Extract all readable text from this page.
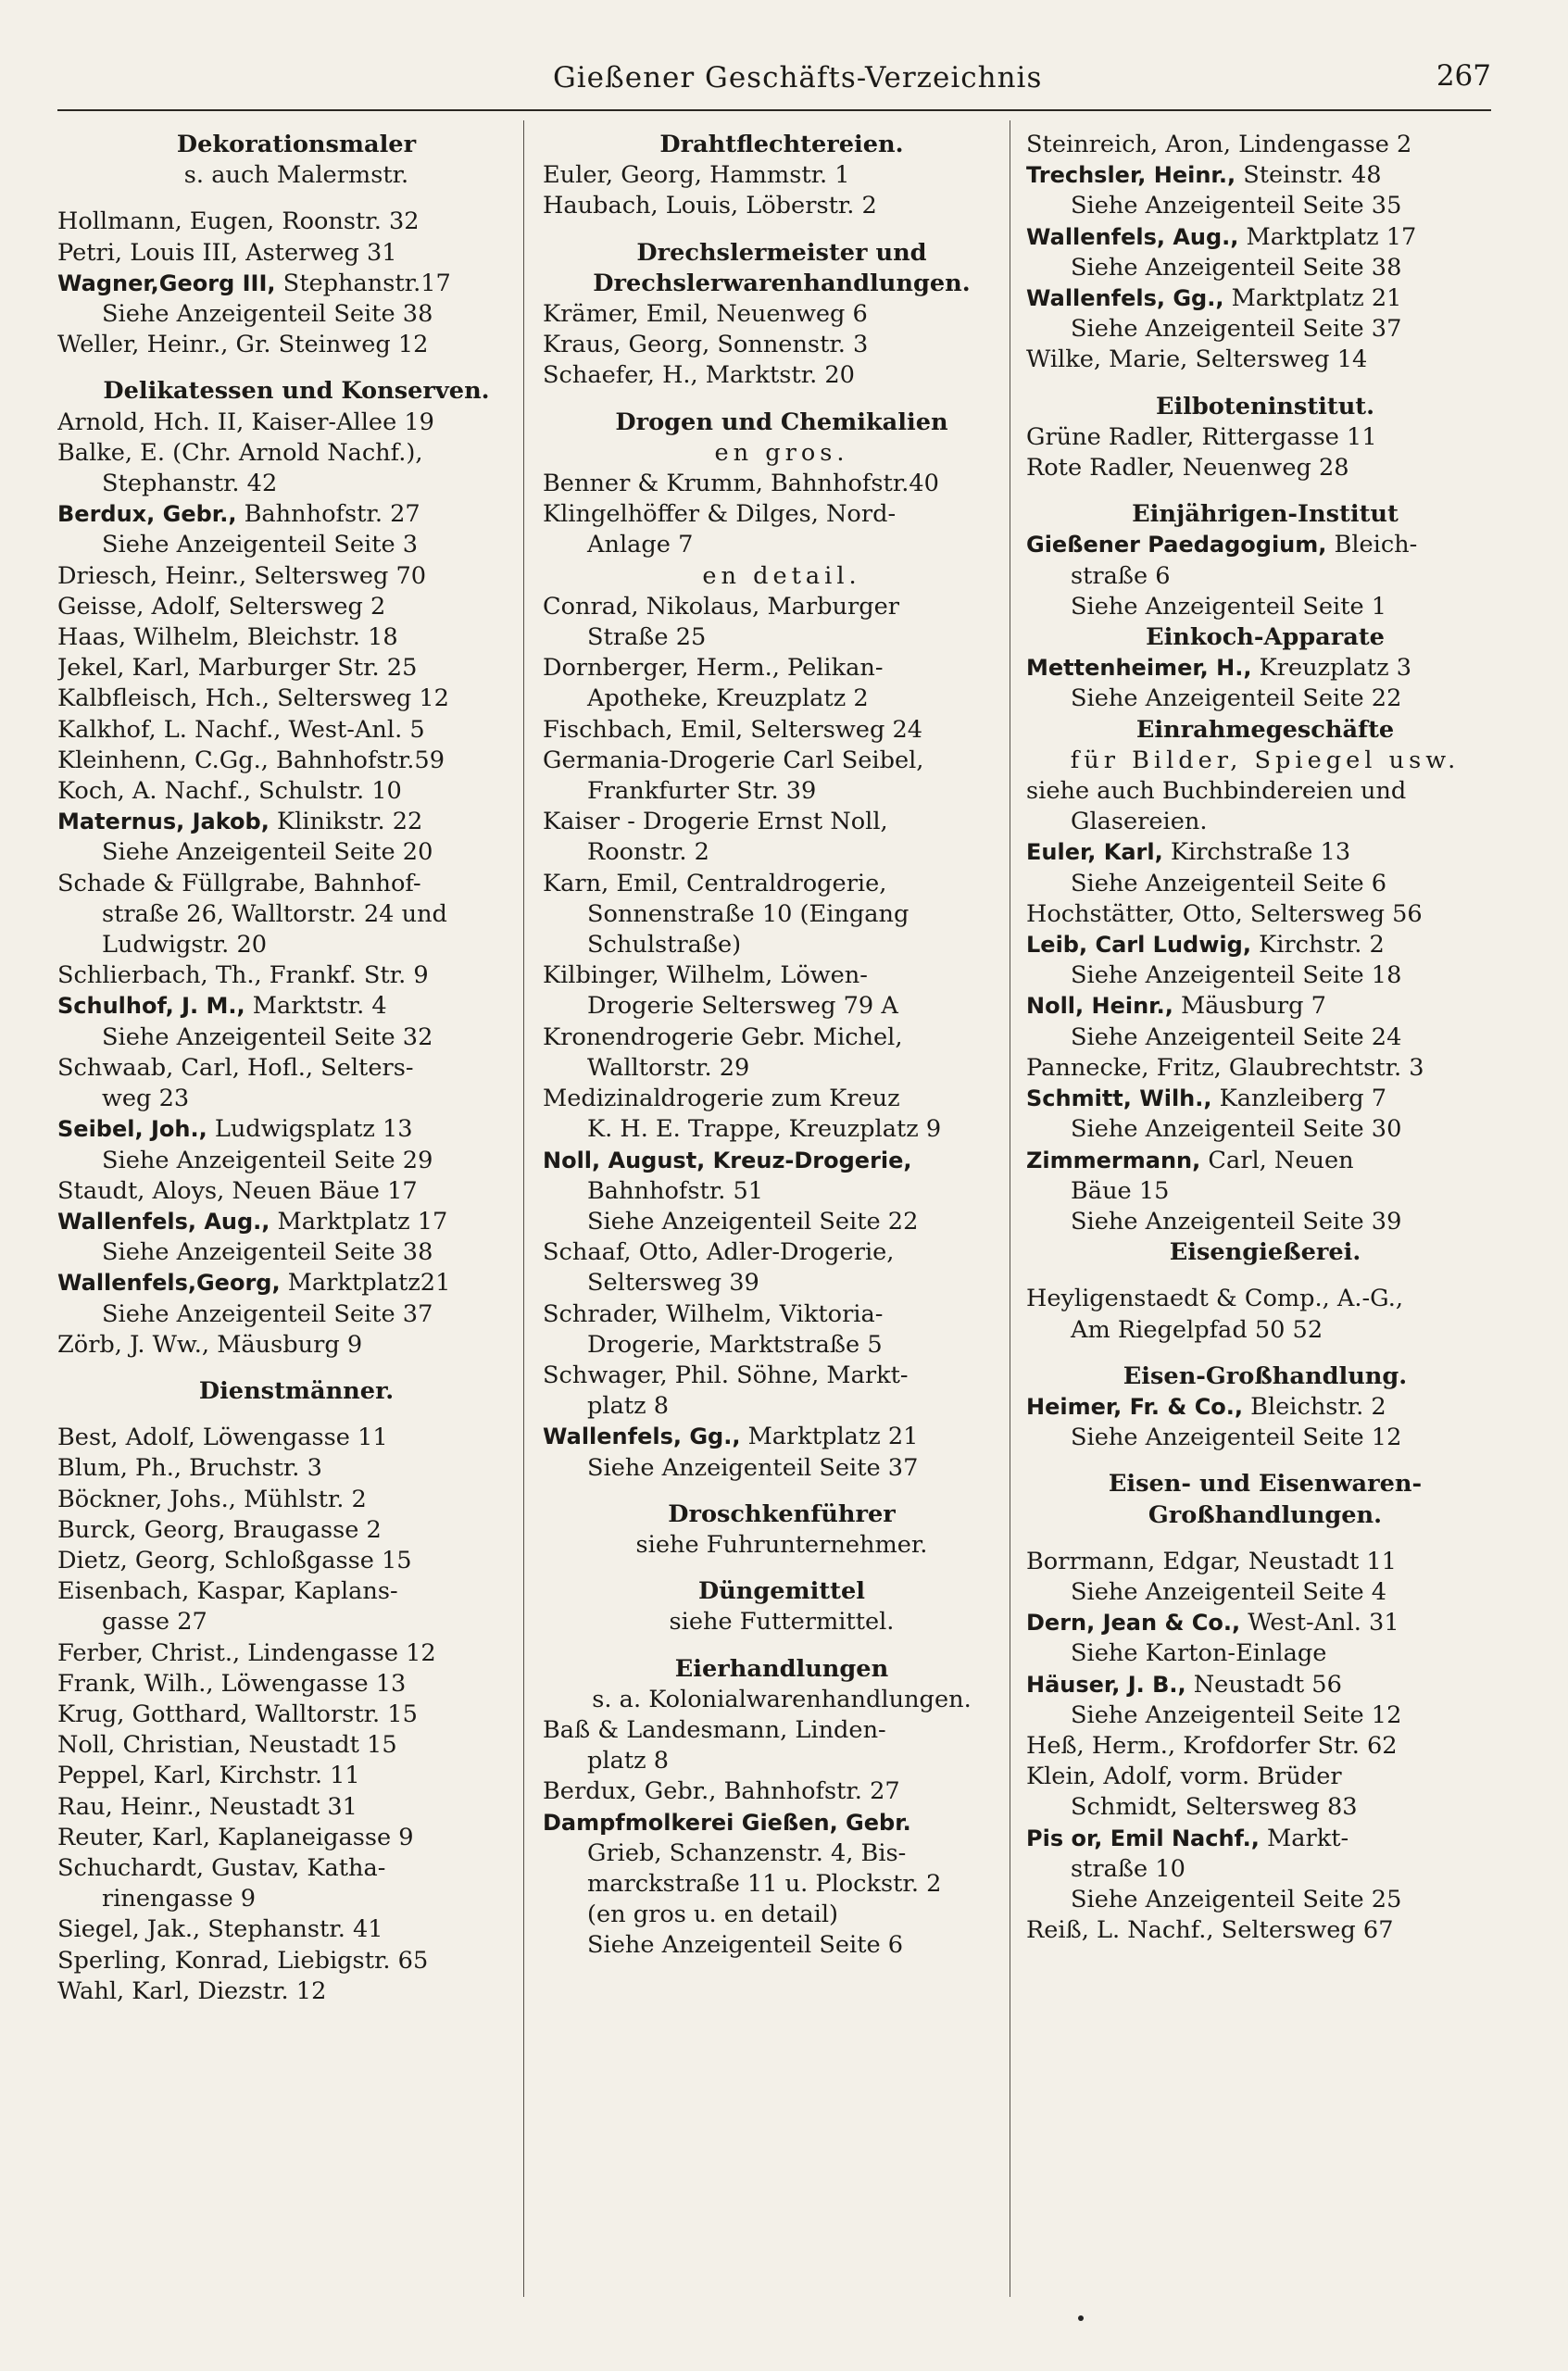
Gießener Geschäfts-Verzeichnis	267
Dekorationsmaler
s. auch Malermstr.
Hollmann, Eugen, Roonstr. 32
Petri, Louis III, Asterweg 31
Wagner,Georg III, Stephanstr.17
Siehe Anzeigenteil Seite 38
Weller, Heinr., Gr. Steinweg 12
Delikatessen und Konserven.
Arnold, Hch. II, Kaiser-Allee 19
Balke, E. (Chr. Arnold Nachf.),
Stephanstr. 42
Berdux, Gebr., Bahnhofstr. 27
Siehe Anzeigenteil Seite 3
Driesch, Heinr., Seltersweg 70
Geisse, Adolf, Seltersweg 2
Haas, Wilhelm, Bleichstr. 18
Jekel, Karl, Marburger Str. 25
Kalbfleisch, Hch., Seltersweg 12
Kalkhof, L. Nachf., West-Anl. 5
Kleinhenn, C.Gg., Bahnhofstr.59
Koch, A. Nachf., Schulstr. 10
Maternus, Jakob, Klinikstr. 22
Siehe Anzeigenteil Seite 20
Schade & Füllgrabe, Bahnhof-
straße 26, Walltorstr. 24 und
Ludwigstr. 20
Schlierbach, Th., Frankf. Str. 9
Schulhof, J. M., Marktstr. 4
Siehe Anzeigenteil Seite 32
Schwaab, Carl, Hofl., Selters-
weg 23
Seibel, Joh., Ludwigsplatz 13
Siehe Anzeigenteil Seite 29
Staudt, Aloys, Neuen Bäue 17
Wallenfels, Aug., Marktplatz 17
Siehe Anzeigenteil Seite 38
Wallenfels,Georg, Marktplatz21
Siehe Anzeigenteil Seite 37
Zörb, J. Ww., Mäusburg 9
Dienstmänner.
Best, Adolf, Löwengasse 11
Blum, Ph., Bruchstr. 3
Böckner, Johs., Mühlstr. 2
Burck, Georg, Braugasse 2
Dietz, Georg, Schloßgasse 15
Eisenbach, Kaspar, Kaplans-
gasse 27
Ferber, Christ., Lindengasse 12
Frank, Wilh., Löwengasse 13
Krug, Gotthard, Walltorstr. 15
Noll, Christian, Neustadt 15
Peppel, Karl, Kirchstr. 11
Rau, Heinr., Neustadt 31
Reuter, Karl, Kaplaneigasse 9
Schuchardt, Gustav, Katha-
rinengasse 9
Siegel, Jak., Stephanstr. 41
Sperling, Konrad, Liebigstr. 65
Wahl, Karl, Diezstr. 12
Drahtflechtereien.
Euler, Georg, Hammstr. 1
Haubach, Louis, Löberstr. 2
Drechslermeister und
Drechslerwarenhandlungen.
Krämer, Emil, Neuenweg 6
Kraus, Georg, Sonnenstr. 3
Schaefer, H., Marktstr. 20
Drogen und Chemikalien
en gros.
Benner & Krumm, Bahnhofstr.40
Klingelhöffer & Dilges, Nord-
Anlage 7
en detail.
Conrad, Nikolaus, Marburger
Straße 25
Dornberger, Herm., Pelikan-
Apotheke, Kreuzplatz 2
Fischbach, Emil, Seltersweg 24
Germania-Drogerie Carl Seibel,
Frankfurter Str. 39
Kaiser - Drogerie Ernst Noll,
Roonstr. 2
Karn, Emil, Centraldrogerie,
Sonnenstraße 10 (Eingang
Schulstraße)
Kilbinger, Wilhelm, Löwen-
Drogerie Seltersweg 79 A
Kronendrogerie Gebr. Michel,
Walltorstr. 29
Medizinaldrogerie zum Kreuz
K. H. E. Trappe, Kreuzplatz 9
Noll, August, Kreuz-Drogerie,
Bahnhofstr. 51
Siehe Anzeigenteil Seite 22
Schaaf, Otto, Adler-Drogerie,
Seltersweg 39
Schrader, Wilhelm, Viktoria-
Drogerie, Marktstraße 5
Schwager, Phil. Söhne, Markt-
platz 8
Wallenfels, Gg., Marktplatz 21
Siehe Anzeigenteil Seite 37
Droschkenführer
siehe Fuhrunternehmer.
Düngemittel
siehe Futtermittel.
Eierhandlungen
s. a. Kolonialwarenhandlungen.
Baß & Landesmann, Linden-
platz 8
Berdux, Gebr., Bahnhofstr. 27
Dampfmolkerei Gießen, Gebr.
Grieb, Schanzenstr. 4, Bis-
marckstraße 11 u. Plockstr. 2
(en gros u. en detail)
Siehe Anzeigenteil Seite 6
Steinreich, Aron, Lindengasse 2
Trechsler, Heinr., Steinstr. 48
Siehe Anzeigenteil Seite 35
Wallenfels, Aug., Marktplatz 17
Siehe Anzeigenteil Seite 38
Wallenfels, Gg., Marktplatz 21
Siehe Anzeigenteil Seite 37
Wilke, Marie, Seltersweg 14
Eilboteninstitut.
Grüne Radler, Rittergasse 11
Rote Radler, Neuenweg 28
Einjährigen-Institut
Gießener Paedagogium, Bleich-
straße 6
Siehe Anzeigenteil Seite 1
Einkoch-Apparate
Mettenheimer, H., Kreuzplatz 3
Siehe Anzeigenteil Seite 22
Einrahmegeschäfte
für Bilder, Spiegel usw.
siehe auch Buchbindereien und
Glasereien.
Euler, Karl, Kirchstraße 13
Siehe Anzeigenteil Seite 6
Hochstätter, Otto, Seltersweg 56
Leib, Carl Ludwig, Kirchstr. 2
Siehe Anzeigenteil Seite 18
Noll, Heinr., Mäusburg 7
Siehe Anzeigenteil Seite 24
Pannecke, Fritz, Glaubrechtstr. 3
Schmitt, Wilh., Kanzleiberg 7
Siehe Anzeigenteil Seite 30
Zimmermann, Carl, Neuen
Bäue 15
Siehe Anzeigenteil Seite 39
Eisengießerei.
Heyligenstaedt & Comp., A.-G.,
Am Riegelpfad 50 52
Eisen-Großhandlung.
Heimer, Fr. & Co., Bleichstr. 2
Siehe Anzeigenteil Seite 12
Eisen- und Eisenwaren-
Großhandlungen.
Borrmann, Edgar, Neustadt 11
Siehe Anzeigenteil Seite 4
Dern, Jean & Co., West-Anl. 31
Siehe Karton-Einlage
Häuser, J. B., Neustadt 56
Siehe Anzeigenteil Seite 12
Heß, Herm., Krofdorfer Str. 62
Klein, Adolf, vorm. Brüder
Schmidt, Seltersweg 83
Pis or, Emil Nachf., Markt-
straße 10
Siehe Anzeigenteil Seite 25
Reiß, L. Nachf., Seltersweg 67
